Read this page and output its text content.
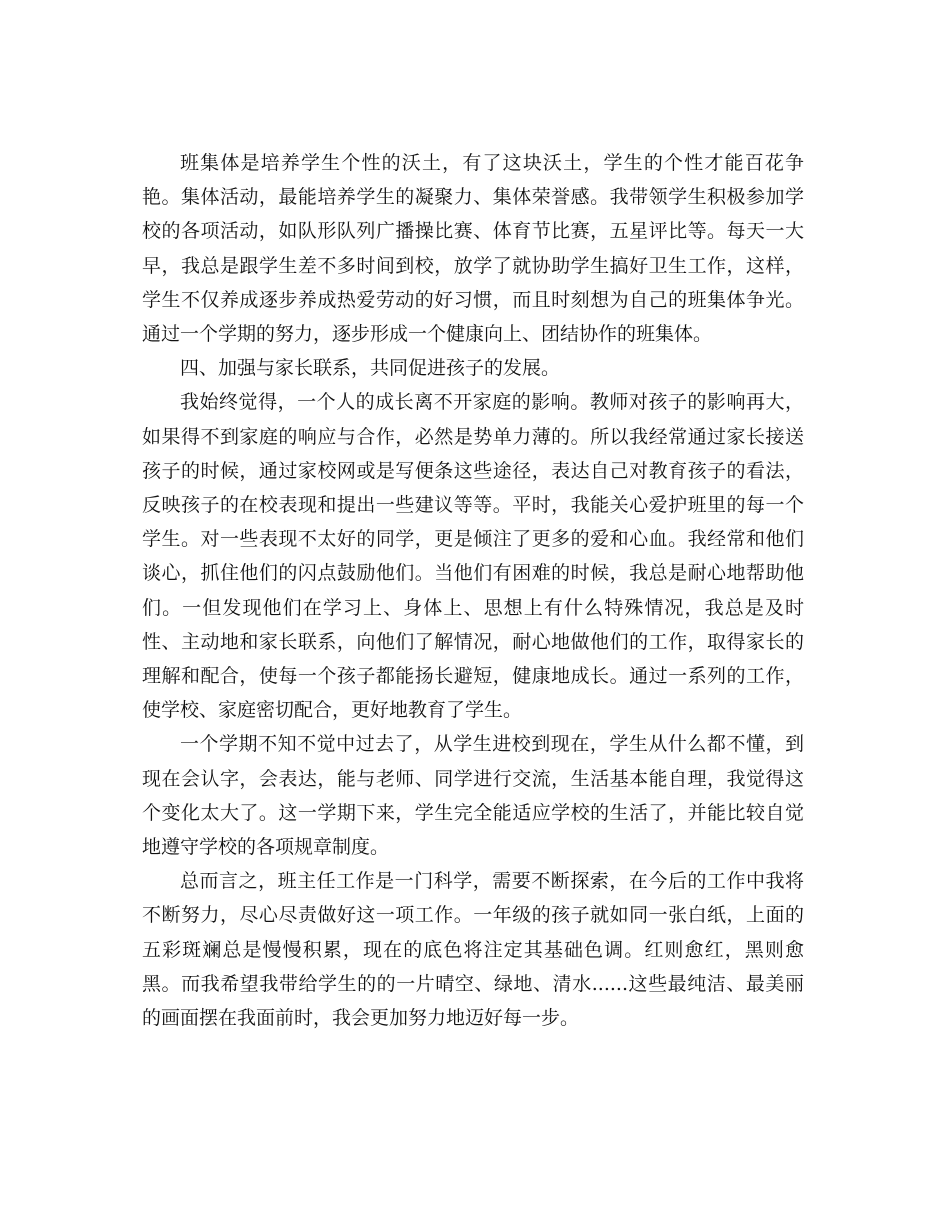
班集体是培养学生个性的沃土，有了这块沃土，学生的个性才能百花争艳。集体活动，最能培养学生的凝聚力、集体荣誉感。我带领学生积极参加学校的各项活动，如队形队列广播操比赛、体育节比赛，五星评比等。每天一大早，我总是跟学生差不多时间到校，放学了就协助学生搞好卫生工作，这样，学生不仅养成逐步养成热爱劳动的好习惯，而且时刻想为自己的班集体争光。通过一个学期的努力，逐步形成一个健康向上、团结协作的班集体。

四、加强与家长联系，共同促进孩子的发展。

我始终觉得，一个人的成长离不开家庭的影响。教师对孩子的影响再大，如果得不到家庭的响应与合作，必然是势单力薄的。所以我经常通过家长接送孩子的时候，通过家校网或是写便条这些途径，表达自己对教育孩子的看法，反映孩子的在校表现和提出一些建议等等。平时，我能关心爱护班里的每一个学生。对一些表现不太好的同学，更是倾注了更多的爱和心血。我经常和他们谈心，抓住他们的闪点鼓励他们。当他们有困难的时候，我总是耐心地帮助他们。一但发现他们在学习上、身体上、思想上有什么特殊情况，我总是及时性、主动地和家长联系，向他们了解情况，耐心地做他们的工作，取得家长的理解和配合，使每一个孩子都能扬长避短，健康地成长。通过一系列的工作，使学校、家庭密切配合，更好地教育了学生。

一个学期不知不觉中过去了，从学生进校到现在，学生从什么都不懂，到现在会认字，会表达，能与老师、同学进行交流，生活基本能自理，我觉得这个变化太大了。这一学期下来，学生完全能适应学校的生活了，并能比较自觉地遵守学校的各项规章制度。

总而言之，班主任工作是一门科学，需要不断探索，在今后的工作中我将不断努力，尽心尽责做好这一项工作。一年级的孩子就如同一张白纸，上面的五彩斑斓总是慢慢积累，现在的底色将注定其基础色调。红则愈红，黑则愈黑。而我希望我带给学生的的一片晴空、绿地、清水......这些最纯洁、最美丽的画面摆在我面前时，我会更加努力地迈好每一步。
